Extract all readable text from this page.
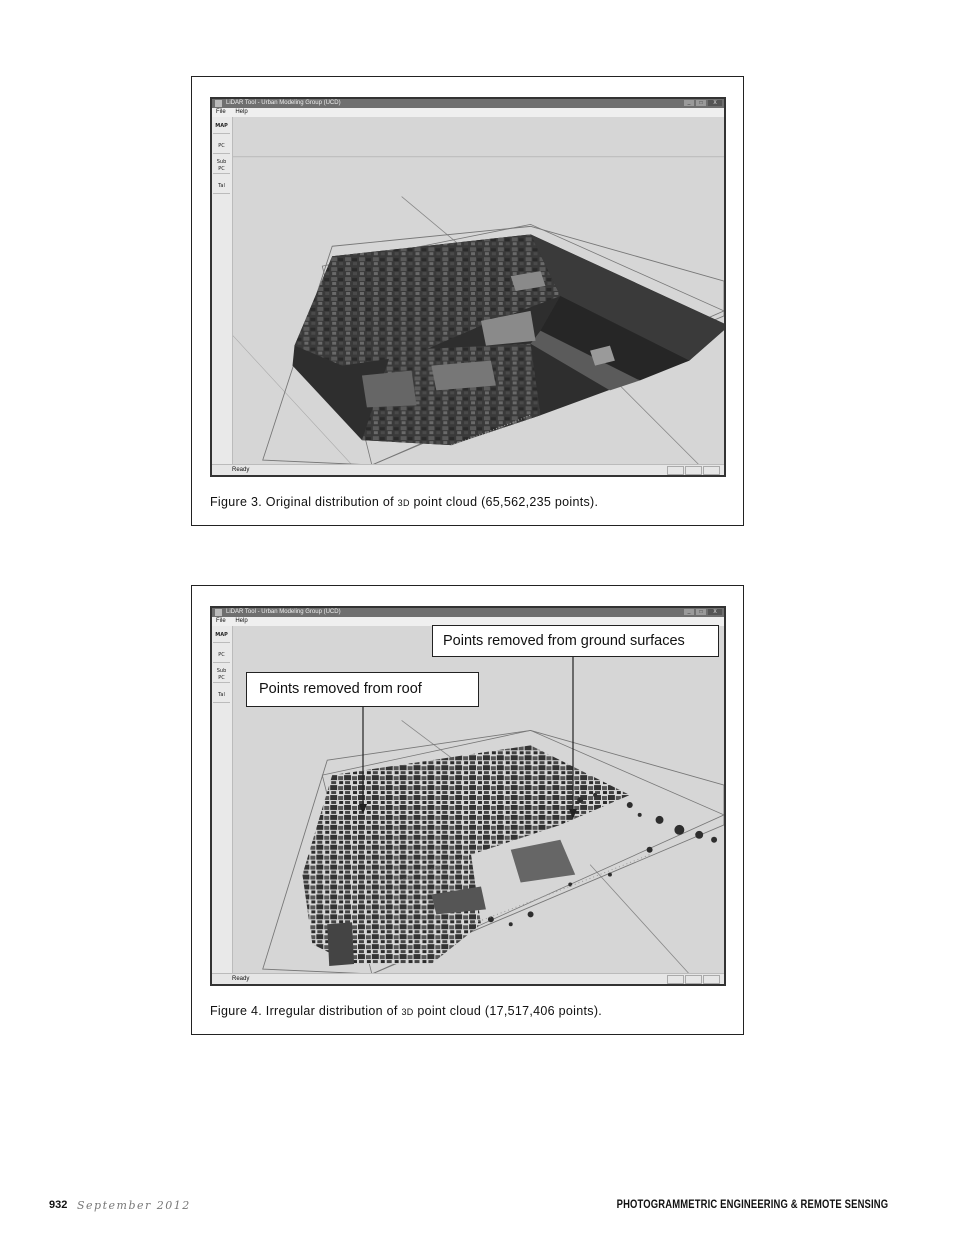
LiDAR Tool - Urban Modeling Group (UCD)	_	□	X
File Help
MAP
PC
Sub PC
Tal
Ready
Figure 3. Original distribution of 3D point cloud (65,562,235 points).
LiDAR Tool - Urban Modeling Group (UCD)	_	□	X
File Help
MAP
PC
Sub PC
Tal
Ready
Points removed from ground surfaces
Points removed from roof
Figure 4. Irregular distribution of 3D point cloud (17,517,406 points).
932 September 2012	PHOTOGRAMMETRIC ENGINEERING & REMOTE SENSING
